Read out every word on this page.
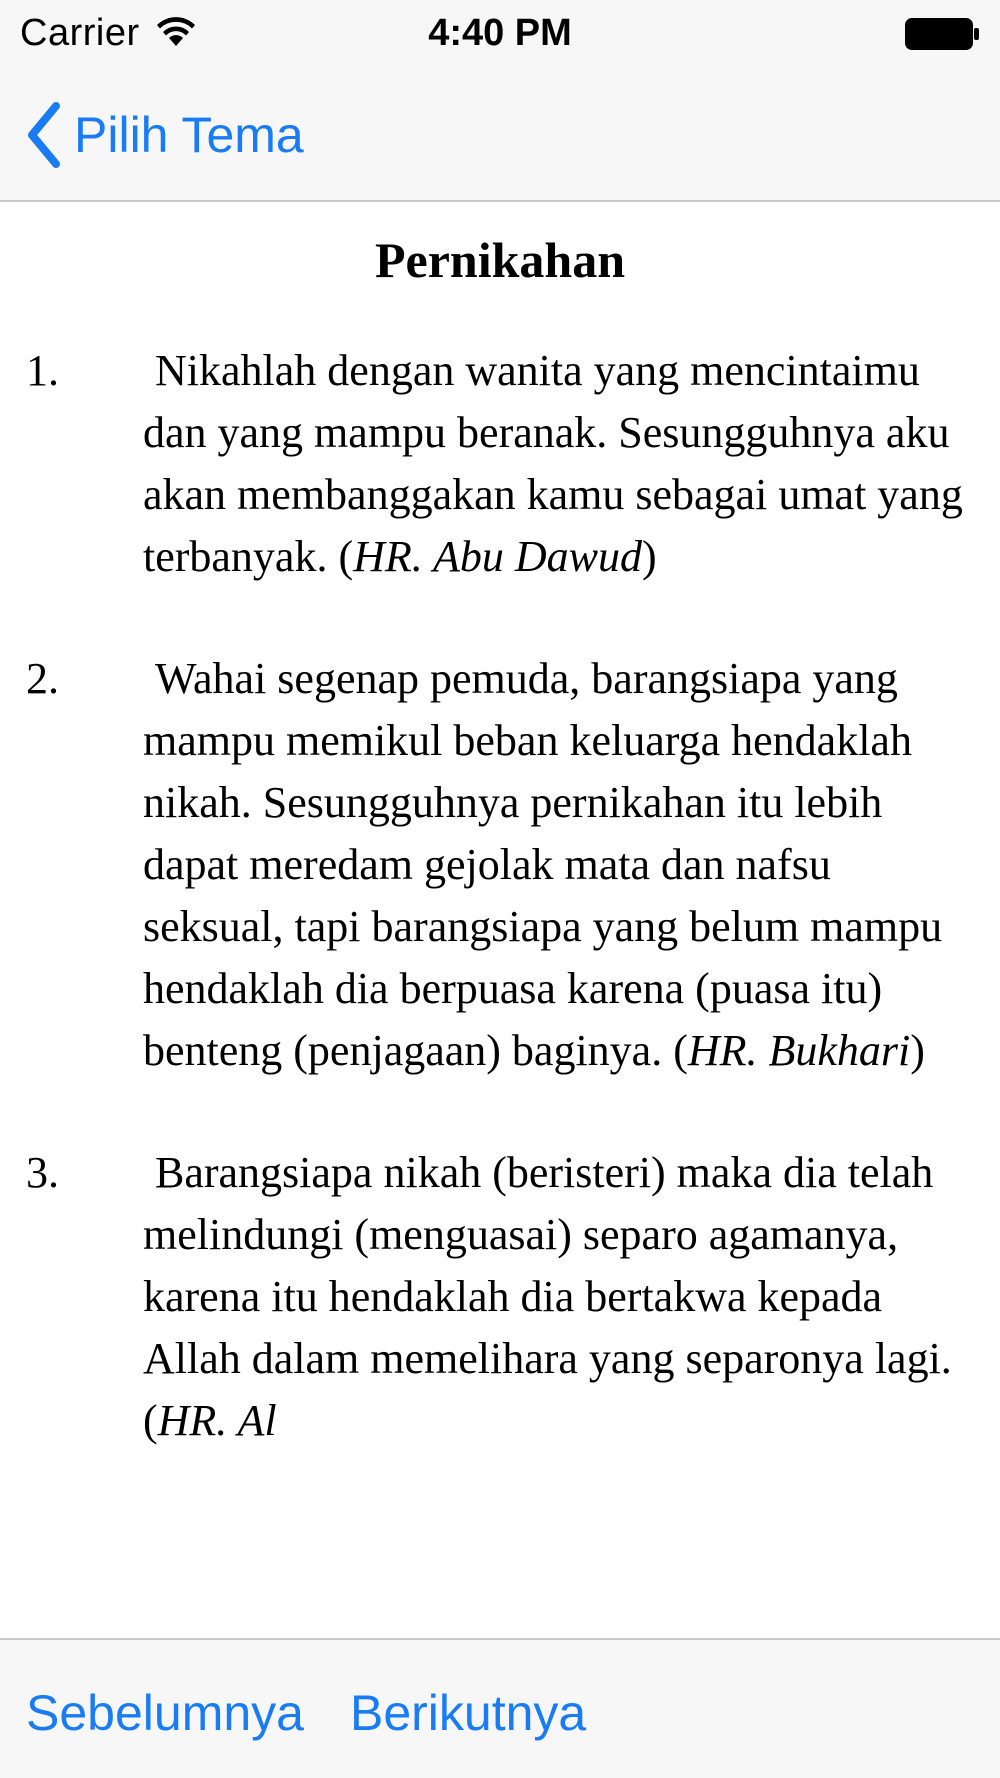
Carrier	4:40 PM
Pilih Tema
Pernikahan
1. Nikahlah dengan wanita yang mencintaimu dan yang mampu beranak. Sesungguhnya aku akan membanggakan kamu sebagai umat yang terbanyak. (HR. Abu Dawud)
2. Wahai segenap pemuda, barangsiapa yang mampu memikul beban keluarga hendaklah nikah. Sesungguhnya pernikahan itu lebih dapat meredam gejolak mata dan nafsu seksual, tapi barangsiapa yang belum mampu hendaklah dia berpuasa karena (puasa itu) benteng (penjagaan) baginya. (HR. Bukhari)
3. Barangsiapa nikah (beristeri) maka dia telah melindungi (menguasai) separo agamanya, karena itu hendaklah dia bertakwa kepada Allah dalam memelihara yang separonya lagi. (HR. Al
Sebelumnya Berikutnya
